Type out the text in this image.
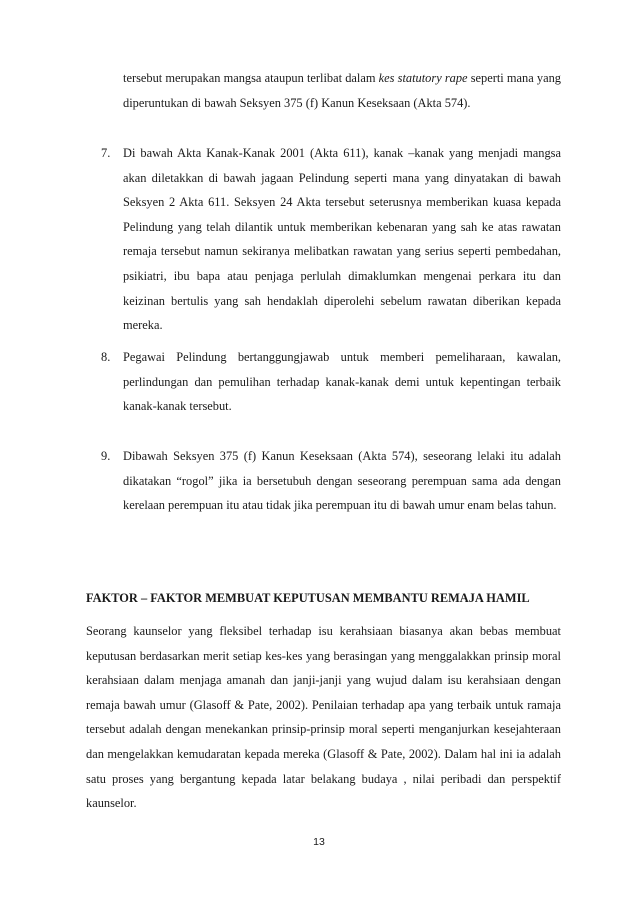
tersebut merupakan mangsa ataupun terlibat dalam kes statutory rape seperti mana yang diperuntukan di bawah Seksyen 375 (f) Kanun Keseksaan (Akta 574).
7. Di bawah Akta Kanak-Kanak 2001 (Akta 611), kanak –kanak yang menjadi mangsa akan diletakkan di bawah jagaan Pelindung seperti mana yang dinyatakan di bawah Seksyen 2 Akta 611. Seksyen 24 Akta tersebut seterusnya memberikan kuasa kepada Pelindung yang telah dilantik untuk memberikan kebenaran yang sah ke atas rawatan remaja tersebut namun sekiranya melibatkan rawatan yang serius seperti pembedahan, psikiatri, ibu bapa atau penjaga perlulah dimaklumkan mengenai perkara itu dan keizinan bertulis yang sah hendaklah diperolehi sebelum rawatan diberikan kepada mereka.
8. Pegawai Pelindung bertanggungjawab untuk memberi pemeliharaan, kawalan, perlindungan dan pemulihan terhadap kanak-kanak demi untuk kepentingan terbaik kanak-kanak tersebut.
9. Dibawah Seksyen 375 (f) Kanun Keseksaan (Akta 574), seseorang lelaki itu adalah dikatakan “rogol” jika ia bersetubuh dengan seseorang perempuan sama ada dengan kerelaan perempuan itu atau tidak jika perempuan itu di bawah umur enam belas tahun.
FAKTOR – FAKTOR MEMBUAT KEPUTUSAN MEMBANTU REMAJA HAMIL
Seorang kaunselor yang fleksibel terhadap isu kerahsiaan biasanya akan bebas membuat keputusan berdasarkan merit setiap kes-kes yang berasingan yang menggalakkan prinsip moral kerahsiaan dalam menjaga amanah dan janji-janji yang wujud dalam isu kerahsiaan dengan remaja bawah umur (Glasoff & Pate, 2002). Penilaian terhadap apa yang terbaik untuk ramaja tersebut adalah dengan menekankan prinsip-prinsip moral seperti menganjurkan kesejahteraan dan mengelakkan kemudaratan kepada mereka (Glasoff & Pate, 2002). Dalam hal ini ia adalah satu proses yang bergantung kepada latar belakang budaya , nilai peribadi dan perspektif kaunselor.
13
